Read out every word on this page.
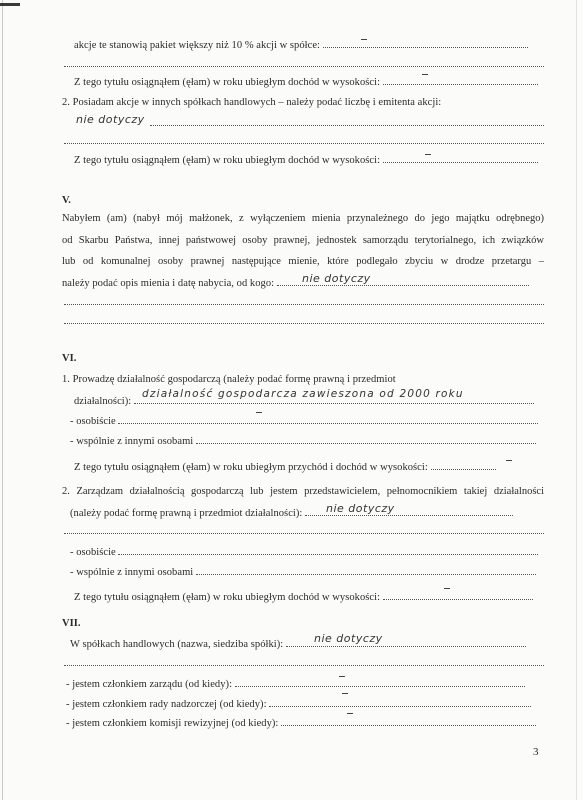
akcje te stanowią pakiet większy niż 10 % akcji w spółce:
Z tego tytułu osiągnąłem (ęłam) w roku ubiegłym dochód w wysokości:
2. Posiadam akcje w innych spółkach handlowych – należy podać liczbę i emitenta akcji:
nie dotyczy
Z tego tytułu osiągnąłem (ęłam) w roku ubiegłym dochód w wysokości:
V.
Nabyłem (am) (nabył mój małżonek, z wyłączeniem mienia przynależnego do jego majątku odrębnego)
od Skarbu Państwa, innej państwowej osoby prawnej, jednostek samorządu terytorialnego, ich związków
lub od komunalnej osoby prawnej następujące mienie, które podlegało zbyciu w drodze przetargu –
należy podać opis mienia i datę nabycia, od kogo:	nie dotyczy
VI.
1. Prowadzę działalność gospodarczą (należy podać formę prawną i przedmiot
działalności):
działalność gospodarcza zawieszona od 2000 roku
- osobiście
- wspólnie z innymi osobami
Z tego tytułu osiągnąłem (ęłam) w roku ubiegłym przychód i dochód w wysokości:
2. Zarządzam działalnością gospodarczą lub jestem przedstawicielem, pełnomocnikiem takiej działalności
(należy podać formę prawną i przedmiot działalności):	nie dotyczy
- osobiście
- wspólnie z innymi osobami
Z tego tytułu osiągnąłem (ęłam) w roku ubiegłym dochód w wysokości:
VII.
W spółkach handlowych (nazwa, siedziba spółki):	nie dotyczy
- jestem członkiem zarządu (od kiedy):
- jestem członkiem rady nadzorczej (od kiedy):
- jestem członkiem komisji rewizyjnej (od kiedy):
3
